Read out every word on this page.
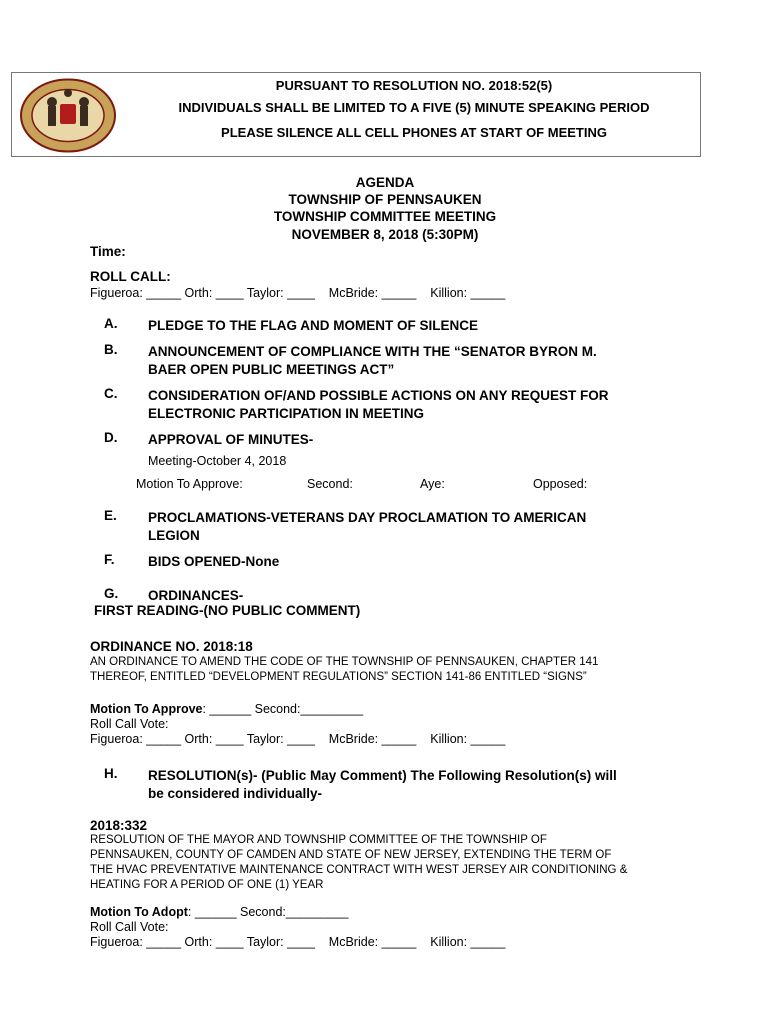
PURSUANT TO RESOLUTION NO. 2018:52(5)
INDIVIDUALS SHALL BE LIMITED TO A FIVE (5) MINUTE SPEAKING PERIOD
PLEASE SILENCE ALL CELL PHONES AT START OF MEETING
AGENDA
TOWNSHIP OF PENNSAUKEN
TOWNSHIP COMMITTEE MEETING
NOVEMBER 8, 2018 (5:30PM)
Time:
ROLL CALL:
Figueroa: _____ Orth: ____ Taylor: ____    McBride: _____    Killion: _____
A. PLEDGE TO THE FLAG AND MOMENT OF SILENCE
B. ANNOUNCEMENT OF COMPLIANCE WITH THE “SENATOR BYRON M.
BAER OPEN PUBLIC MEETINGS ACT”
C. CONSIDERATION OF/AND POSSIBLE ACTIONS ON ANY REQUEST FOR
ELECTRONIC PARTICIPATION IN MEETING
D. APPROVAL OF MINUTES-
Meeting-October 4, 2018
Motion To Approve:	Second:	Aye:	Opposed:
E. PROCLAMATIONS-VETERANS DAY PROCLAMATION TO AMERICAN
LEGION
F. BIDS OPENED-None
G. ORDINANCES-
FIRST READING-(NO PUBLIC COMMENT)
ORDINANCE NO. 2018:18
AN ORDINANCE TO AMEND THE CODE OF THE TOWNSHIP OF PENNSAUKEN, CHAPTER 141
THEREOF, ENTITLED “DEVELOPMENT REGULATIONS” SECTION 141-86 ENTITLED “SIGNS”
Motion To Approve: ______ Second:_________
Roll Call Vote:
Figueroa: _____ Orth: ____ Taylor: ____    McBride: _____    Killion: _____
H. RESOLUTION(s)- (Public May Comment) The Following Resolution(s) will
be considered individually-
2018:332
RESOLUTION OF THE MAYOR AND TOWNSHIP COMMITTEE OF THE TOWNSHIP OF
PENNSAUKEN, COUNTY OF CAMDEN AND STATE OF NEW JERSEY, EXTENDING THE TERM OF
THE HVAC PREVENTATIVE MAINTENANCE CONTRACT WITH WEST JERSEY AIR CONDITIONING &
HEATING FOR A PERIOD OF ONE (1) YEAR
Motion To Adopt: ______ Second:_________
Roll Call Vote:
Figueroa: _____ Orth: ____ Taylor: ____    McBride: _____    Killion: _____
